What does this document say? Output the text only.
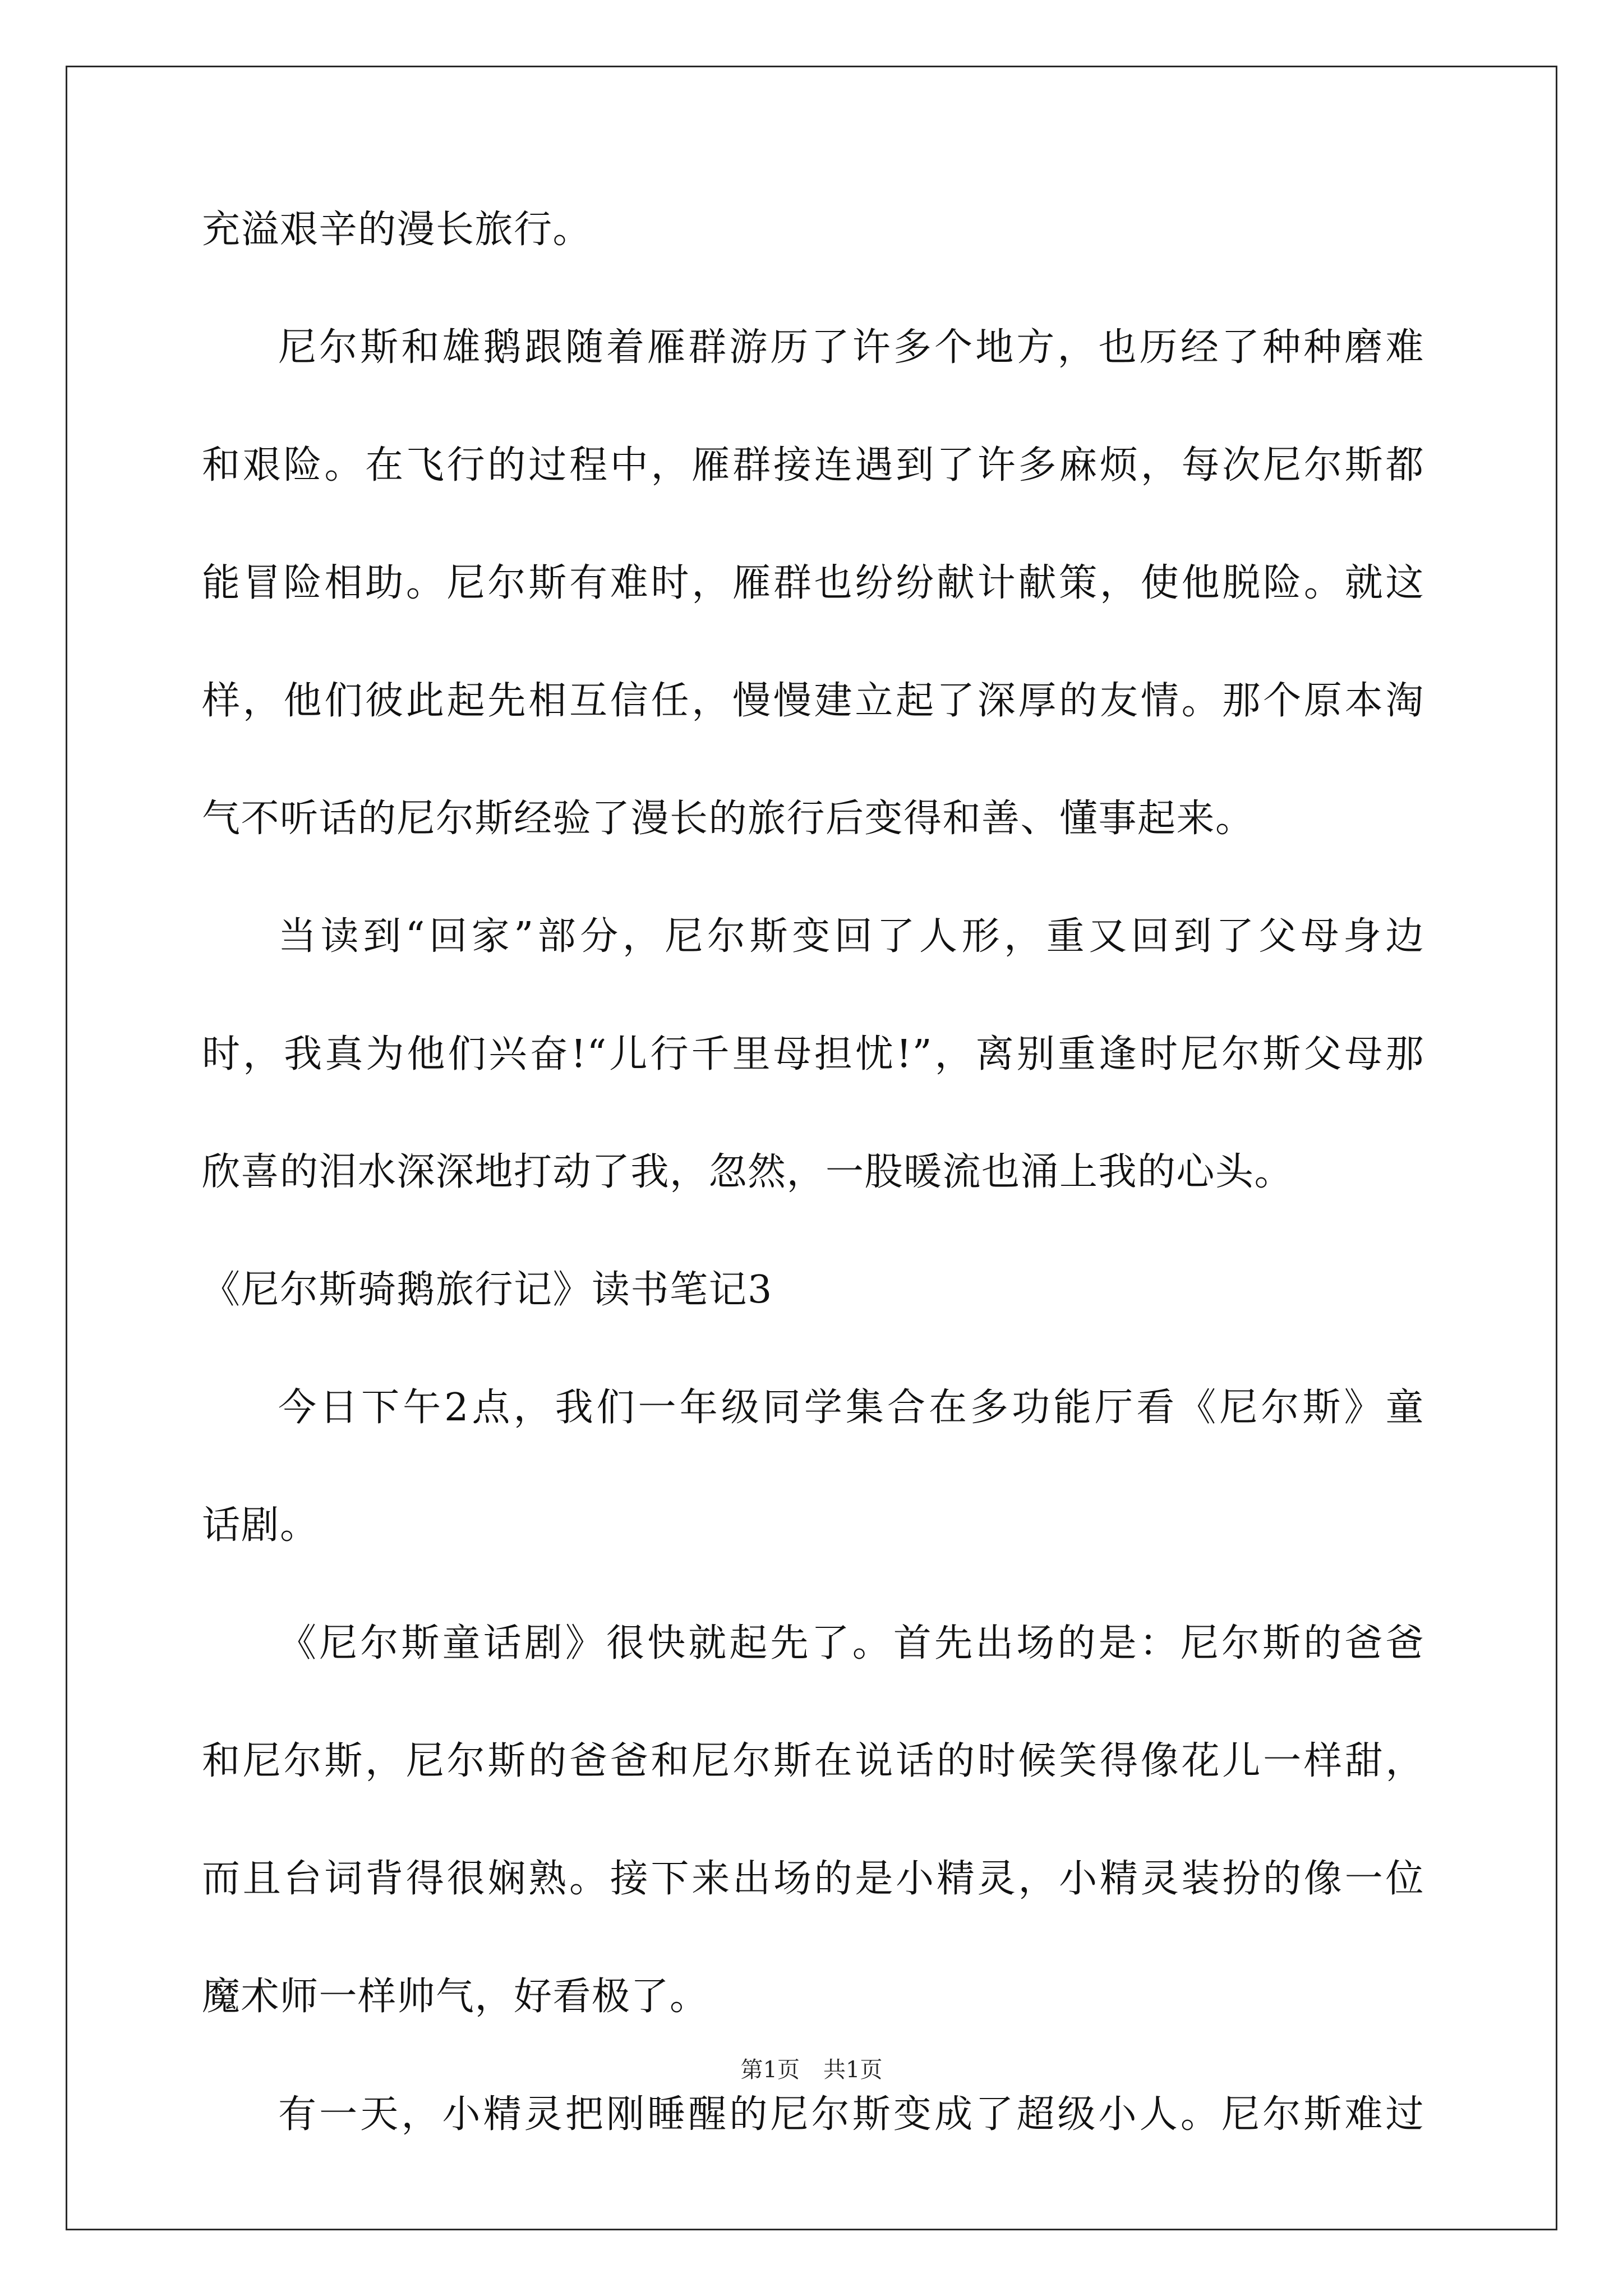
充溢艰辛的漫长旅行。
尼尔斯和雄鹅跟随着雁群游历了许多个地方，也历经了种种磨难
和艰险。在飞行的过程中，雁群接连遇到了许多麻烦，每次尼尔斯都
能冒险相助。尼尔斯有难时，雁群也纷纷献计献策，使他脱险。就这
样，他们彼此起先相互信任，慢慢建立起了深厚的友情。那个原本淘
气不听话的尼尔斯经验了漫长的旅行后变得和善、懂事起来。
当读到“回家”部分，尼尔斯变回了人形，重又回到了父母身边
时，我真为他们兴奋!“儿行千里母担忧!”，离别重逢时尼尔斯父母那
欣喜的泪水深深地打动了我，忽然，一股暖流也涌上我的心头。
《尼尔斯骑鹅旅行记》读书笔记3
今日下午2点，我们一年级同学集合在多功能厅看《尼尔斯》童
话剧。
《尼尔斯童话剧》很快就起先了。首先出场的是：尼尔斯的爸爸
和尼尔斯，尼尔斯的爸爸和尼尔斯在说话的时候笑得像花儿一样甜，
而且台词背得很娴熟。接下来出场的是小精灵，小精灵装扮的像一位
魔术师一样帅气，好看极了。
有一天，小精灵把刚睡醒的尼尔斯变成了超级小人。尼尔斯难过
第1页 共1页
